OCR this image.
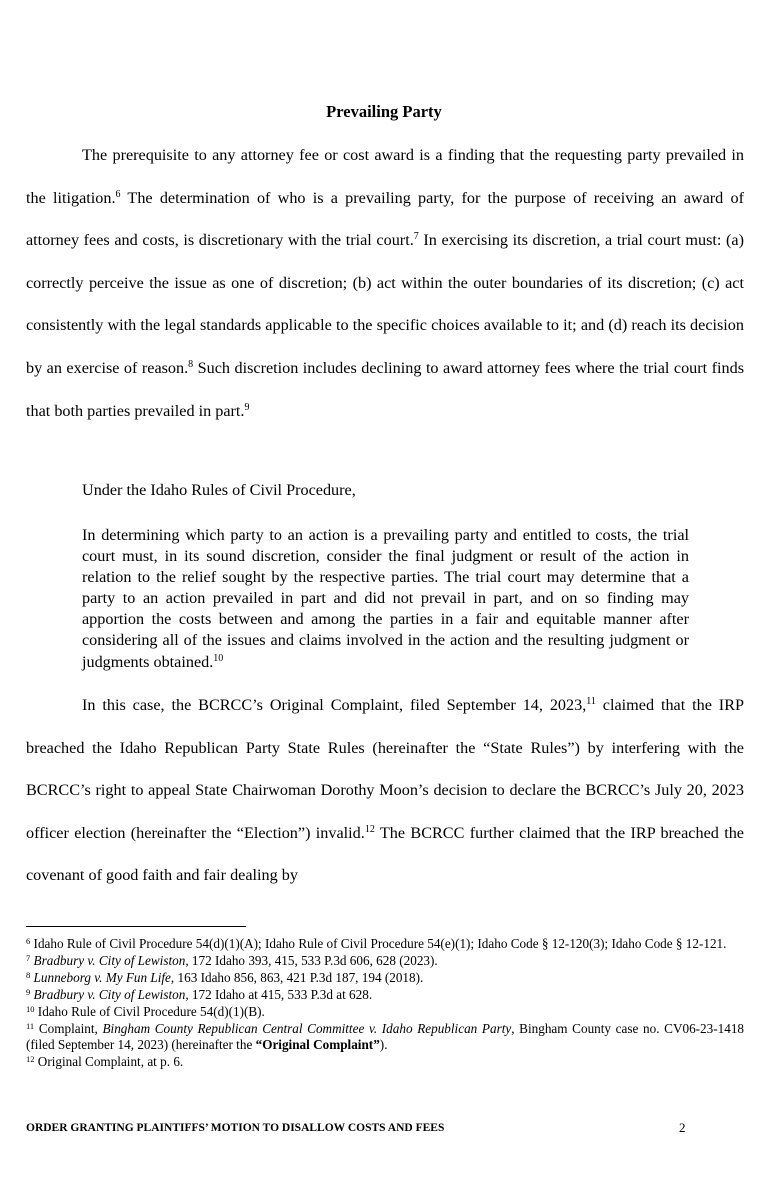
Prevailing Party

The prerequisite to any attorney fee or cost award is a finding that the requesting party prevailed in the litigation.$^6$ The determination of who is a prevailing party, for the purpose of receiving an award of attorney fees and costs, is discretionary with the trial court.$^7$ In exercising its discretion, a trial court must: (a) correctly perceive the issue as one of discretion; (b) act within the outer boundaries of its discretion; (c) act consistently with the legal standards applicable to the specific choices available to it; and (d) reach its decision by an exercise of reason.$^8$ Such discretion includes declining to award attorney fees where the trial court finds that both parties prevailed in part.$^9$

Under the Idaho Rules of Civil Procedure,
In determining which party to an action is a prevailing party and entitled to costs, the trial court must, in its sound discretion, consider the final judgment or result of the action in relation to the relief sought by the respective parties. The trial court may determine that a party to an action prevailed in part and did not prevail in part, and on so finding may apportion the costs between and among the parties in a fair and equitable manner after considering all of the issues and claims involved in the action and the resulting judgment or judgments obtained.$^{10}$

In this case, the BCRCC’s Original Complaint, filed September 14, 2023,11 claimed that the IRP breached the Idaho Republican Party State Rules (hereinafter the “State Rules”) by interfering with the BCRCC’s right to appeal State Chairwoman Dorothy Moon’s decision to declare the BCRCC’s July 20, 2023 officer election (hereinafter the “Election”) invalid.$^{12}$ The BCRCC further claimed that the IRP breached the covenant of good faith and fair dealing by

$^6$ Idaho Rule of Civil Procedure 54(d)(1)(A); Idaho Rule of Civil Procedure 54(e)(1); Idaho Code § 12-120(3); Idaho Code § 12-121.

$^7$ Bradbury v. City of Lewiston, 172 Idaho 393, 415, 533 P.3d 606, 628 (2023).

$^8$ Lunneborg v. My Fun Life, 163 Idaho 856, 863, 421 P.3d 187, 194 (2018).

$^9$ Bradbury v. City of Lewiston, 172 Idaho at 415, 533 P.3d at 628.

$^{10}$ Idaho Rule of Civil Procedure 54(d)(1)(B).

$^{11}$ Complaint, Bingham County Republican Central Committee v. Idaho Republican Party, Bingham County case no. CV06-23-1418 (filed September 14, 2023) (hereinafter the “Original Complaint”).

$^{12}$ Original Complaint, at p. 6.

ORDER GRANTING PLAINTIFFS’ MOTION TO DISALLOW COSTS AND FEES	2
